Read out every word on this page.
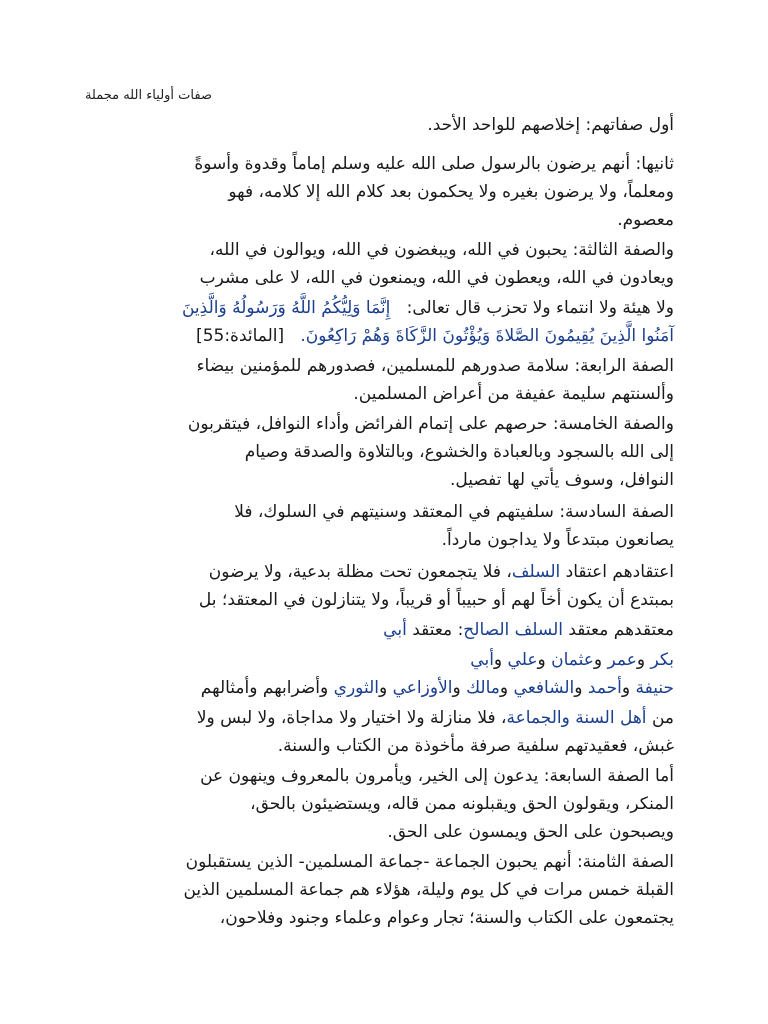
صفات أولياء الله مجملة
أول صفاتهم: إخلاصهم للواحد الأحد.
ثانيها: أنهم يرضون بالرسول صلى الله عليه وسلم إماماً وقدوة وأسوةً
ومعلماً، ولا يرضون بغيره ولا يحكمون بعد كلام الله إلا كلامه، فهو
معصوم.
والصفة الثالثة: يحبون في الله، ويبغضون في الله، ويوالون في الله،
ويعادون في الله، ويعطون في الله، ويمنعون في الله، لا على مشرب
ولا هيئة ولا انتماء ولا تحزب قال تعالى:   إِنَّمَا وَلِيُّكُمُ اللَّهُ وَرَسُولُهُ وَالَّذِينَ
آمَنُوا الَّذِينَ يُقِيمُونَ الصَّلاةَ وَيُؤْتُونَ الزَّكَاةَ وَهُمْ رَاكِعُونَ.   [المائدة:55]
الصفة الرابعة: سلامة صدورهم للمسلمين، فصدورهم للمؤمنين بيضاء
وألسنتهم سليمة عفيفة من أعراض المسلمين.
والصفة الخامسة: حرصهم على إتمام الفرائض وأداء النوافل، فيتقربون
إلى الله بالسجود وبالعبادة والخشوع، وبالتلاوة والصدقة وصيام
النوافل، وسوف يأتي لها تفصيل.
الصفة السادسة: سلفيتهم في المعتقد وسنيتهم في السلوك، فلا
يصانعون مبتدعاً ولا يداجون مارداً.
اعتقادهم اعتقاد السلف، فلا يتجمعون تحت مظلة بدعية، ولا يرضون
بمبتدع أن يكون أخاً لهم أو حبيباً أو قريباً، ولا يتنازلون في المعتقد؛ بل
معتقدهم معتقد السلف الصالح: معتقد أبي
بكر وعمر وعثمان وعلي وأبي
حنيفة وأحمد والشافعي ومالك والأوزاعي والثوري وأضرابهم وأمثالهم
من أهل السنة والجماعة، فلا منازلة ولا اختيار ولا مداجاة، ولا لبس ولا
غبش، فعقيدتهم سلفية صرفة مأخوذة من الكتاب والسنة.
أما الصفة السابعة: يدعون إلى الخير، ويأمرون بالمعروف وينهون عن
المنكر، ويقولون الحق ويقبلونه ممن قاله، ويستضيئون بالحق،
ويصبحون على الحق ويمسون على الحق.
الصفة الثامنة: أنهم يحبون الجماعة -جماعة المسلمين- الذين يستقبلون
القبلة خمس مرات في كل يوم وليلة، هؤلاء هم جماعة المسلمين الذين
يجتمعون على الكتاب والسنة؛ تجار وعوام وعلماء وجنود وفلاحون،
